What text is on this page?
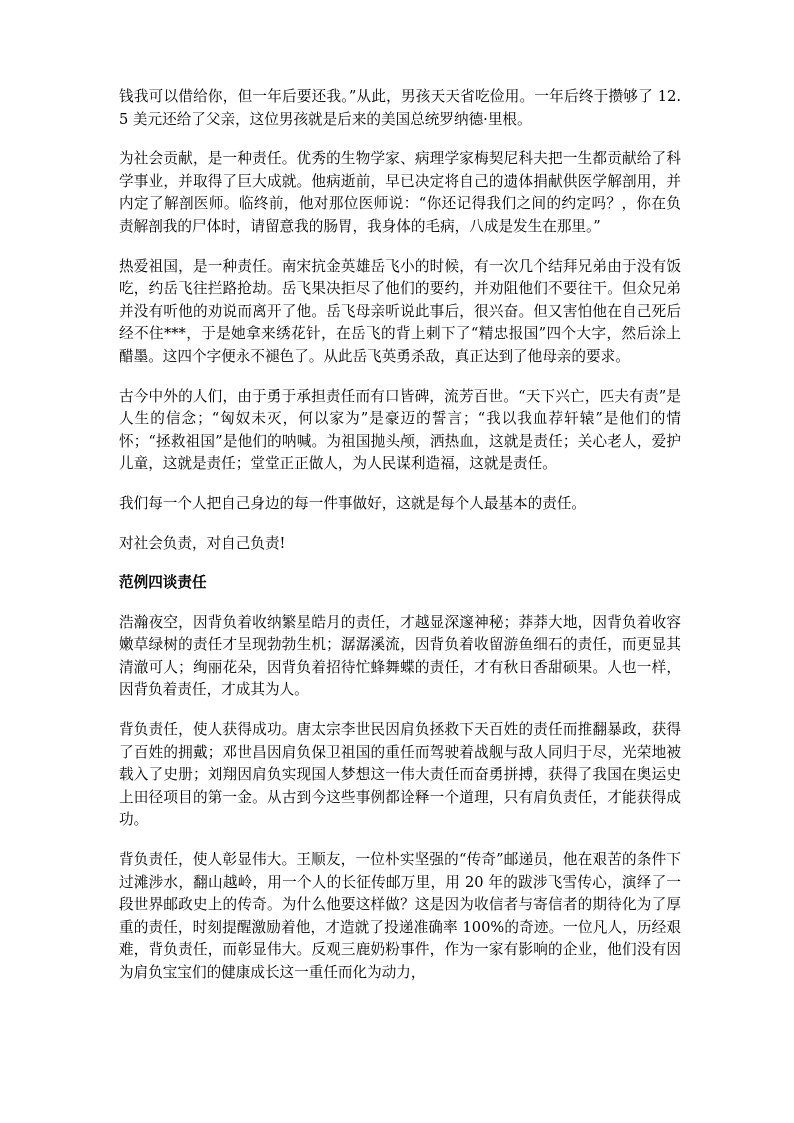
钱我可以借给你，但一年后要还我。”从此，男孩天天省吃俭用。一年后终于攒够了 12.5 美元还给了父亲，这位男孩就是后来的美国总统罗纳德·里根。

为社会贡献，是一种责任。优秀的生物学家、病理学家梅契尼科夫把一生都贡献给了科学事业，并取得了巨大成就。他病逝前，早已决定将自己的遗体捐献供医学解剖用，并内定了解剖医师。临终前，他对那位医师说：“你还记得我们之间的约定吗？，你在负责解剖我的尸体时，请留意我的肠胃，我身体的毛病，八成是发生在那里。”

热爱祖国，是一种责任。南宋抗金英雄岳飞小的时候，有一次几个结拜兄弟由于没有饭吃，约岳飞往拦路抢劫。岳飞果决拒尽了他们的要约，并劝阻他们不要往干。但众兄弟并没有听他的劝说而离开了他。岳飞母亲听说此事后，很兴奋。但又害怕他在自己死后经不住***，于是她拿来绣花针，在岳飞的背上刺下了“精忠报国”四个大字，然后涂上醋墨。这四个字便永不褪色了。从此岳飞英勇杀敌，真正达到了他母亲的要求。

古今中外的人们，由于勇于承担责任而有口皆碑，流芳百世。“天下兴亡，匹夫有责”是人生的信念；“匈奴未灭，何以家为”是豪迈的誓言；“我以我血荐轩辕”是他们的情怀；“拯救祖国”是他们的呐喊。为祖国抛头颅，洒热血，这就是责任；关心老人，爱护儿童，这就是责任；堂堂正正做人，为人民谋利造福，这就是责任。

我们每一个人把自己身边的每一件事做好，这就是每个人最基本的责任。

对社会负责，对自己负责!

范例四谈责任

浩瀚夜空，因背负着收纳繁星皓月的责任，才越显深邃神秘；莽莽大地，因背负着收容嫩草绿树的责任才呈现勃勃生机；潺潺溪流，因背负着收留游鱼细石的责任，而更显其清澈可人；绚丽花朵，因背负着招待忙蜂舞蝶的责任，才有秋日香甜硕果。人也一样，因背负着责任，才成其为人。

背负责任，使人获得成功。唐太宗李世民因肩负拯救下天百姓的责任而推翻暴政，获得了百姓的拥戴；邓世昌因肩负保卫祖国的重任而驾驶着战舰与敌人同归于尽，光荣地被载入了史册；刘翔因肩负实现国人梦想这一伟大责任而奋勇拼搏，获得了我国在奥运史上田径项目的第一金。从古到今这些事例都诠释一个道理，只有肩负责任，才能获得成功。

背负责任，使人彰显伟大。王顺友，一位朴实坚强的“传奇”邮递员，他在艰苦的条件下过滩涉水，翻山越岭，用一个人的长征传邮万里，用 20 年的跋涉飞雪传心，演绎了一段世界邮政史上的传奇。为什么他要这样做？这是因为收信者与寄信者的期待化为了厚重的责任，时刻提醒激励着他，才造就了投递准确率 100%的奇迹。一位凡人，历经艰难，背负责任，而彰显伟大。反观三鹿奶粉事件，作为一家有影响的企业，他们没有因为肩负宝宝们的健康成长这一重任而化为动力，
